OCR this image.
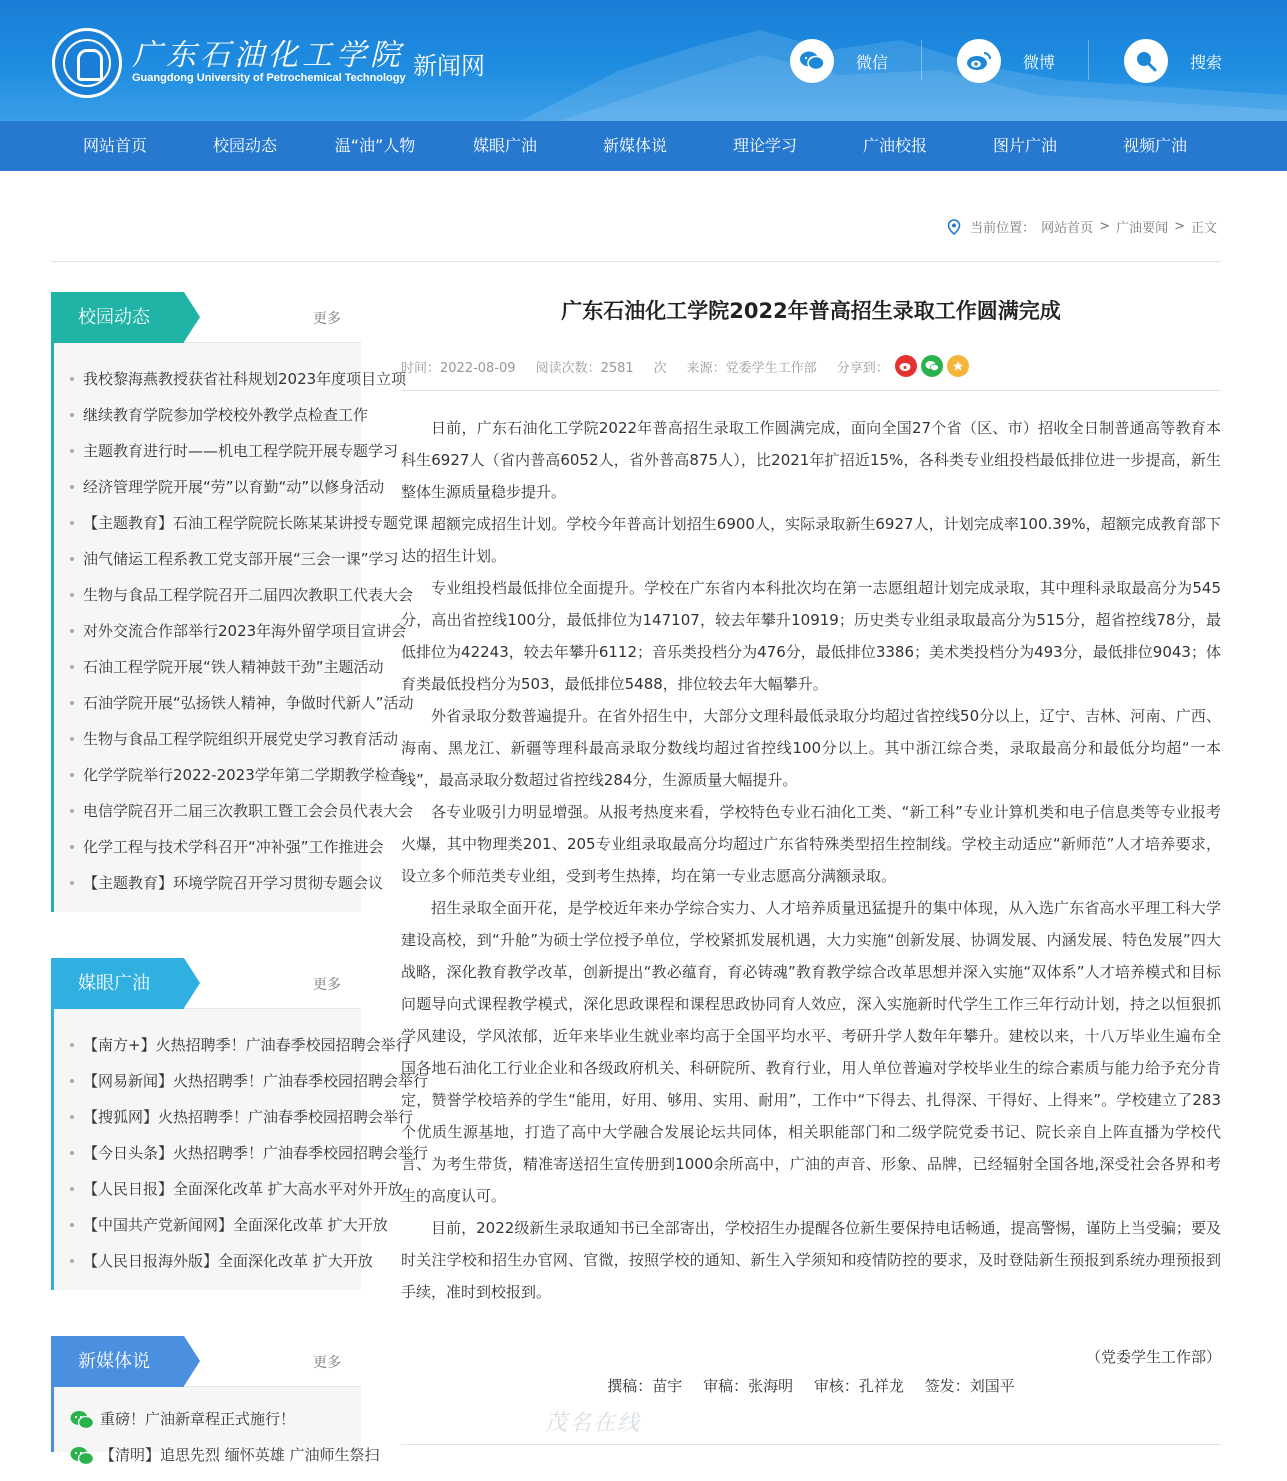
广东石油化工学院
Guangdong University of Petrochemical Technology 新闻网	微信	微博	搜索
网站首页	校园动态	温“油”人物	媒眼广油	新媒体说	理论学习	广油校报	图片广油	视频广油
当前位置： 网站首页 > 广油要闻 > 正文
校园动态	更多
我校黎海燕教授获省社科规划2023年度项目立项
继续教育学院参加学校校外教学点检查工作
主题教育进行时——机电工程学院开展专题学习
经济管理学院开展“劳”以育勤“动”以修身活动
【主题教育】石油工程学院院长陈某某讲授专题党课
油气储运工程系教工党支部开展“三会一课”学习
生物与食品工程学院召开二届四次教职工代表大会
对外交流合作部举行2023年海外留学项目宣讲会
石油工程学院开展“铁人精神鼓干劲”主题活动
石油学院开展“弘扬铁人精神，争做时代新人”活动
生物与食品工程学院组织开展党史学习教育活动
化学学院举行2022-2023学年第二学期教学检查
电信学院召开二届三次教职工暨工会会员代表大会
化学工程与技术学科召开“冲补强”工作推进会
【主题教育】环境学院召开学习贯彻专题会议
媒眼广油	更多
【南方+】火热招聘季！广油春季校园招聘会举行
【网易新闻】火热招聘季！广油春季校园招聘会举行
【搜狐网】火热招聘季！广油春季校园招聘会举行
【今日头条】火热招聘季！广油春季校园招聘会举行
【人民日报】全面深化改革 扩大高水平对外开放
【中国共产党新闻网】全面深化改革 扩大开放
【人民日报海外版】全面深化改革 扩大开放
新媒体说	更多
重磅！广油新章程正式施行！
【清明】追思先烈 缅怀英雄 广油师生祭扫
广东石油化工学院2022年普高招生录取工作圆满完成
时间：2022-08-09 阅读次数：2581 次 来源：党委学生工作部 分享到：

日前，广东石油化工学院2022年普高招生录取工作圆满完成，面向全国27个省（区、市）招收全日制普通高等教育本科生6927人（省内普高6052人，省外普高875人），比2021年扩招近15%，各科类专业组投档最低排位进一步提高，新生整体生源质量稳步提升。

超额完成招生计划。学校今年普高计划招生6900人，实际录取新生6927人，计划完成率100.39%，超额完成教育部下达的招生计划。

专业组投档最低排位全面提升。学校在广东省内本科批次均在第一志愿组超计划完成录取，其中理科录取最高分为545分，高出省控线100分，最低排位为147107，较去年攀升10919；历史类专业组录取最高分为515分，超省控线78分，最低排位为42243，较去年攀升6112；音乐类投档分为476分，最低排位3386；美术类投档分为493分，最低排位9043；体育类最低投档分为503，最低排位5488，排位较去年大幅攀升。

外省录取分数普遍提升。在省外招生中，大部分文理科最低录取分均超过省控线50分以上，辽宁、吉林、河南、广西、海南、黑龙江、新疆等理科最高录取分数线均超过省控线100分以上。其中浙江综合类，录取最高分和最低分均超“一本线”，最高录取分数超过省控线284分，生源质量大幅提升。

各专业吸引力明显增强。从报考热度来看，学校特色专业石油化工类、“新工科”专业计算机类和电子信息类等专业报考火爆，其中物理类201、205专业组录取最高分均超过广东省特殊类型招生控制线。学校主动适应“新师范”人才培养要求，设立多个师范类专业组，受到考生热捧，均在第一专业志愿高分满额录取。

招生录取全面开花，是学校近年来办学综合实力、人才培养质量迅猛提升的集中体现，从入选广东省高水平理工科大学建设高校，到“升舱”为硕士学位授予单位，学校紧抓发展机遇，大力实施“创新发展、协调发展、内涵发展、特色发展”四大战略，深化教育教学改革，创新提出“教必蕴育，育必铸魂”教育教学综合改革思想并深入实施“双体系”人才培养模式和目标问题导向式课程教学模式，深化思政课程和课程思政协同育人效应，深入实施新时代学生工作三年行动计划，持之以恒狠抓学风建设，学风浓郁，近年来毕业生就业率均高于全国平均水平、考研升学人数年年攀升。建校以来，十八万毕业生遍布全国各地石油化工行业企业和各级政府机关、科研院所、教育行业，用人单位普遍对学校毕业生的综合素质与能力给予充分肯定，赞誉学校培养的学生“能用，好用、够用、实用、耐用”，工作中“下得去、扎得深、干得好、上得来”。学校建立了283个优质生源基地，打造了高中大学融合发展论坛共同体，相关职能部门和二级学院党委书记、院长亲自上阵直播为学校代言、为考生带货，精准寄送招生宣传册到1000余所高中，广油的声音、形象、品牌，已经辐射全国各地,深受社会各界和考生的高度认可。

目前，2022级新生录取通知书已全部寄出，学校招生办提醒各位新生要保持电话畅通，提高警惕，谨防上当受骗；要及时关注学校和招生办官网、官微，按照学校的通知、新生入学须知和疫情防控的要求，及时登陆新生预报到系统办理预报到手续，准时到校报到。

（党委学生工作部）
撰稿：苗宇 审稿：张海明 审核：孔祥龙 签发：刘国平
茂名在线
